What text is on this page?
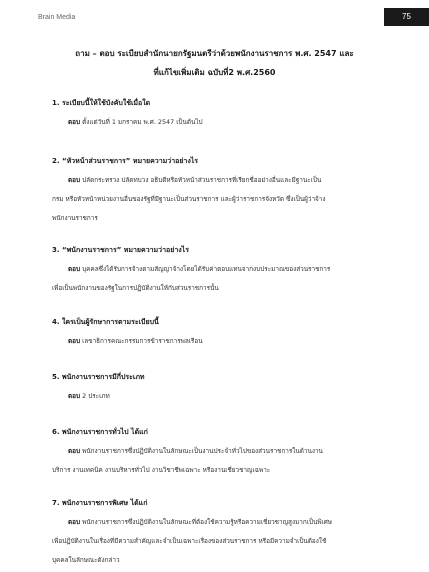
Brain Media	75
ถาม – ตอบ ระเบียบสำนักนายกรัฐมนตรีว่าด้วยพนักงานราชการ พ.ศ. 2547 และ
ที่แก้ไขเพิ่มเติม ฉบับที่2 พ.ศ.2560
1. ระเบียบนี้ให้ใช้บังคับใช้เมื่อใด
ตอบ ตั้งแต่วันที่ 1 มกราคม พ.ศ. 2547 เป็นต้นไป
2. “หัวหน้าส่วนราชการ” หมายความว่าอย่างไร
ตอบ ปลัดกระทรวง ปลัดทบวง อธิบดีหรือหัวหน้าส่วนราชการที่เรียกชื่ออย่างอื่นและมีฐานะเป็น
กรม หรือหัวหน้าหน่วยงานอื่นของรัฐที่มีฐานะเป็นส่วนราชการ และผู้ว่าราชการจังหวัด ซึ่งเป็นผู้ว่าจ้าง
พนักงานราชการ
3. “พนักงานราชการ” หมายความว่าอย่างไร
ตอบ บุคคลซึ่งได้รับการจ้างตามสัญญาจ้างโดยได้รับค่าตอบแทนจากงบประมาณของส่วนราชการ
เพื่อเป็นพนักงานของรัฐในการปฏิบัติงานให้กับส่วนราชการนั้น
4. ใครเป็นผู้รักษาการตามระเบียบนี้
ตอบ เลขาธิการคณะกรรมการข้าราชการพลเรือน
5. พนักงานราชการมีกี่ประเภท
ตอบ 2 ประเภท
6. พนักงานราชการทั่วไป ได้แก่
ตอบ พนักงานราชการซึ่งปฏิบัติงานในลักษณะเป็นงานประจำทั่วไปของส่วนราชการในด้านงาน
บริการ งานเทคนิค งานบริหารทั่วไป งานวิชาชีพเฉพาะ หรืองานเชี่ยวชาญเฉพาะ
7. พนักงานราชการพิเศษ ได้แก่
ตอบ พนักงานราชการซึ่งปฏิบัติงานในลักษณะที่ต้องใช้ความรู้หรือความเชี่ยวชาญสูงมากเป็นพิเศษ
เพื่อปฏิบัติงานในเรื่องที่มีความสำคัญและจำเป็นเฉพาะเรื่องของส่วนราชการ หรือมีความจำเป็นต้องใช้
บุคคลในลักษณะดังกล่าว
